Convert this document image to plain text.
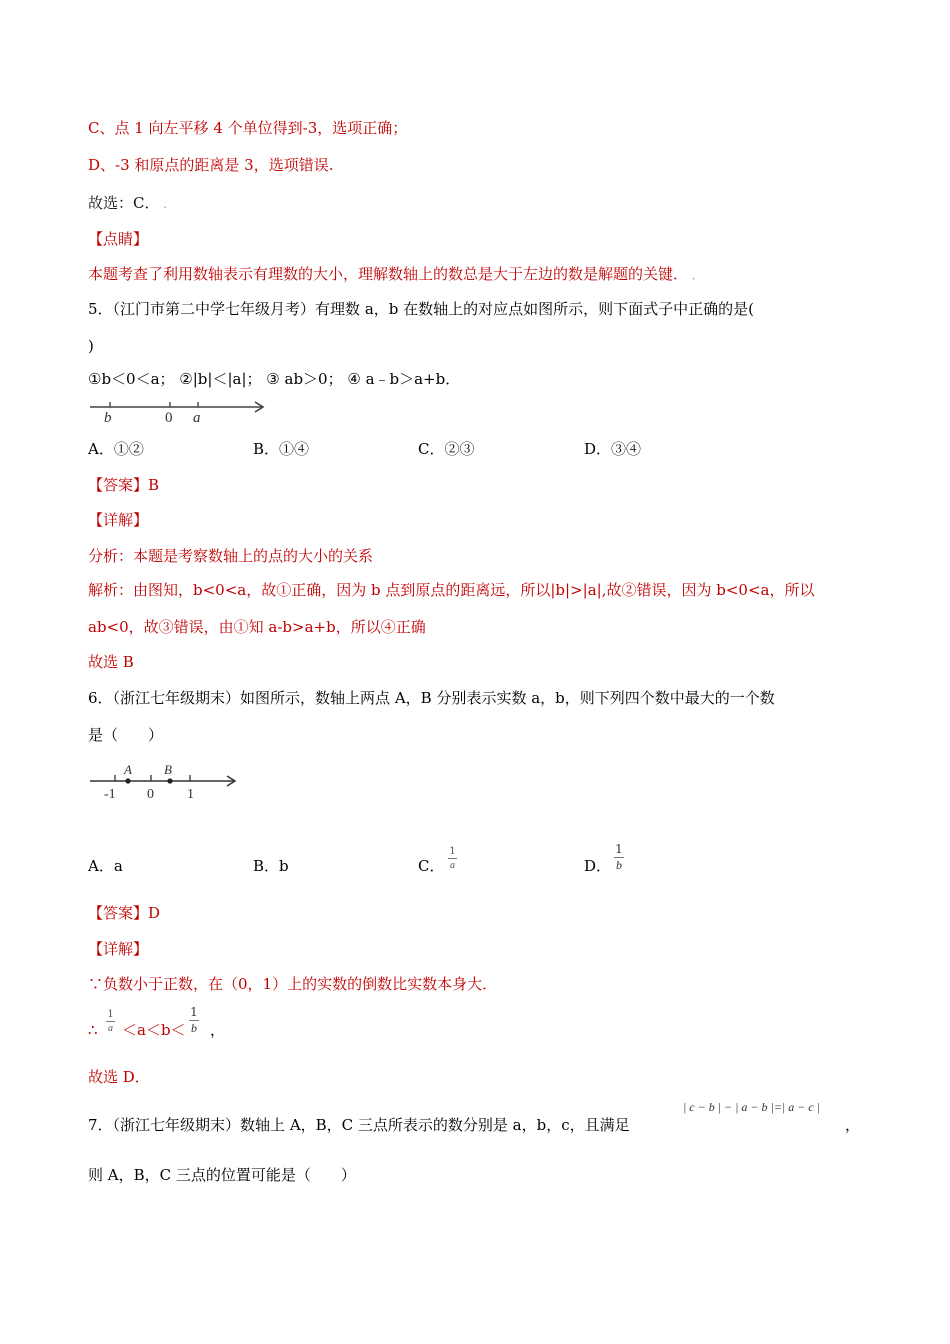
C、点 1 向左平移 4 个单位得到-3，选项正确；
D、-3 和原点的距离是 3，选项错误.
故选：C． .
【点睛】
本题考查了利用数轴表示有理数的大小，理解数轴上的数总是大于左边的数是解题的关键． ．
5．（江门市第二中学七年级月考）有理数 a，b 在数轴上的对应点如图所示，则下面式子中正确的是(
)
①b＜0＜a； ②|b|＜|a|； ③ ab＞0； ④ a﹣b＞a+b．
b	0 a
A．①②	B．①④	C．②③	D．③④
【答案】B
【详解】
分析：本题是考察数轴上的点的大小的关系
解析：由图知，b<0<a，故①正确，因为 b 点到原点的距离远，所以|b|>|a|,故②错误，因为 b<0<a，所以
ab<0，故③错误，由①知 a-b>a+b，所以④正确
故选 B
6．（浙江七年级期末）如图所示，数轴上两点 A，B 分别表示实数 a，b，则下列四个数中最大的一个数
是（　　）
A B
-1 0 1
A．a	B．b	C．
1
a	D．
1
b
【答案】D
【详解】
∵负数小于正数，在（0，1）上的实数的倒数比实数本身大．
∴
1
a ＜a＜b＜
1
b ，
故选 D．
7．（浙江七年级期末）数轴上 A，B，C 三点所表示的数分别是 a，b，c，且满足
| c − b | − | a − b |=| a − c |
，
则 A，B，C 三点的位置可能是（　　）
